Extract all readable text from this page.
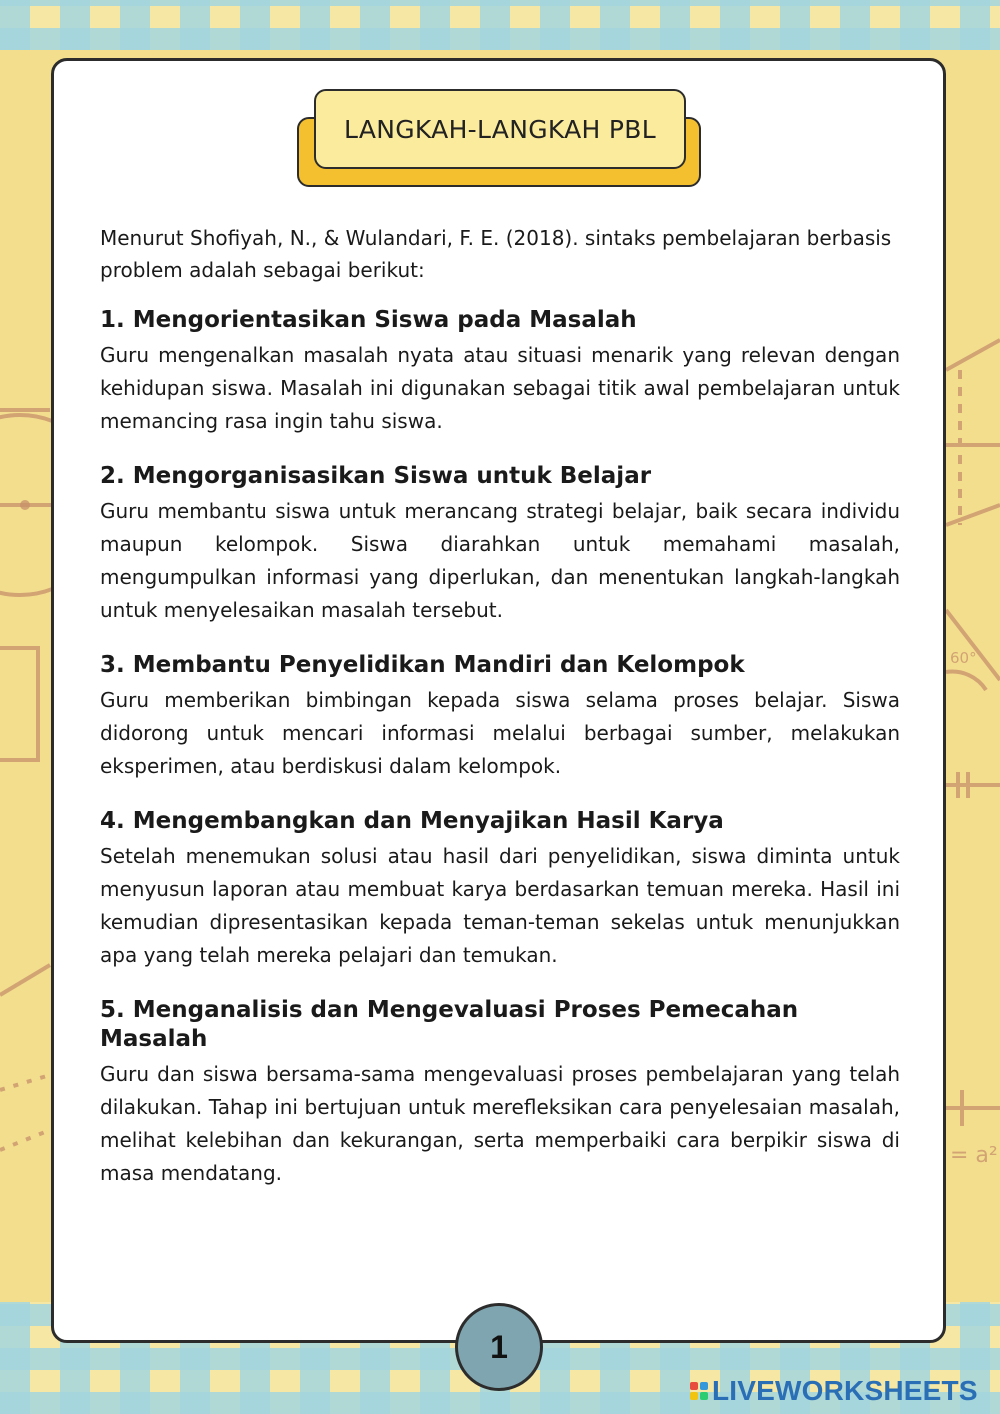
60°
= a²
LANGKAH-LANGKAH PBL

Menurut Shofiyah, N., & Wulandari, F. E. (2018). sintaks pembelajaran berbasis problem adalah sebagai berikut:

1. Mengorientasikan Siswa pada Masalah

Guru mengenalkan masalah nyata atau situasi menarik yang relevan dengan kehidupan siswa. Masalah ini digunakan sebagai titik awal pembelajaran untuk memancing rasa ingin tahu siswa.

2. Mengorganisasikan Siswa untuk Belajar

Guru membantu siswa untuk merancang strategi belajar, baik secara individu maupun kelompok. Siswa diarahkan untuk memahami masalah, mengumpulkan informasi yang diperlukan, dan menentukan langkah-langkah untuk menyelesaikan masalah tersebut.

3. Membantu Penyelidikan Mandiri dan Kelompok

Guru memberikan bimbingan kepada siswa selama proses belajar. Siswa didorong untuk mencari informasi melalui berbagai sumber, melakukan eksperimen, atau berdiskusi dalam kelompok.

4. Mengembangkan dan Menyajikan Hasil Karya

Setelah menemukan solusi atau hasil dari penyelidikan, siswa diminta untuk menyusun laporan atau membuat karya berdasarkan temuan mereka. Hasil ini kemudian dipresentasikan kepada teman-teman sekelas untuk menunjukkan apa yang telah mereka pelajari dan temukan.

5. Menganalisis dan Mengevaluasi Proses Pemecahan Masalah

Guru dan siswa bersama-sama mengevaluasi proses pembelajaran yang telah dilakukan. Tahap ini bertujuan untuk merefleksikan cara penyelesaian masalah, melihat kelebihan dan kekurangan, serta memperbaiki cara berpikir siswa di masa mendatang.

1
LIVEWORKSHEETS
